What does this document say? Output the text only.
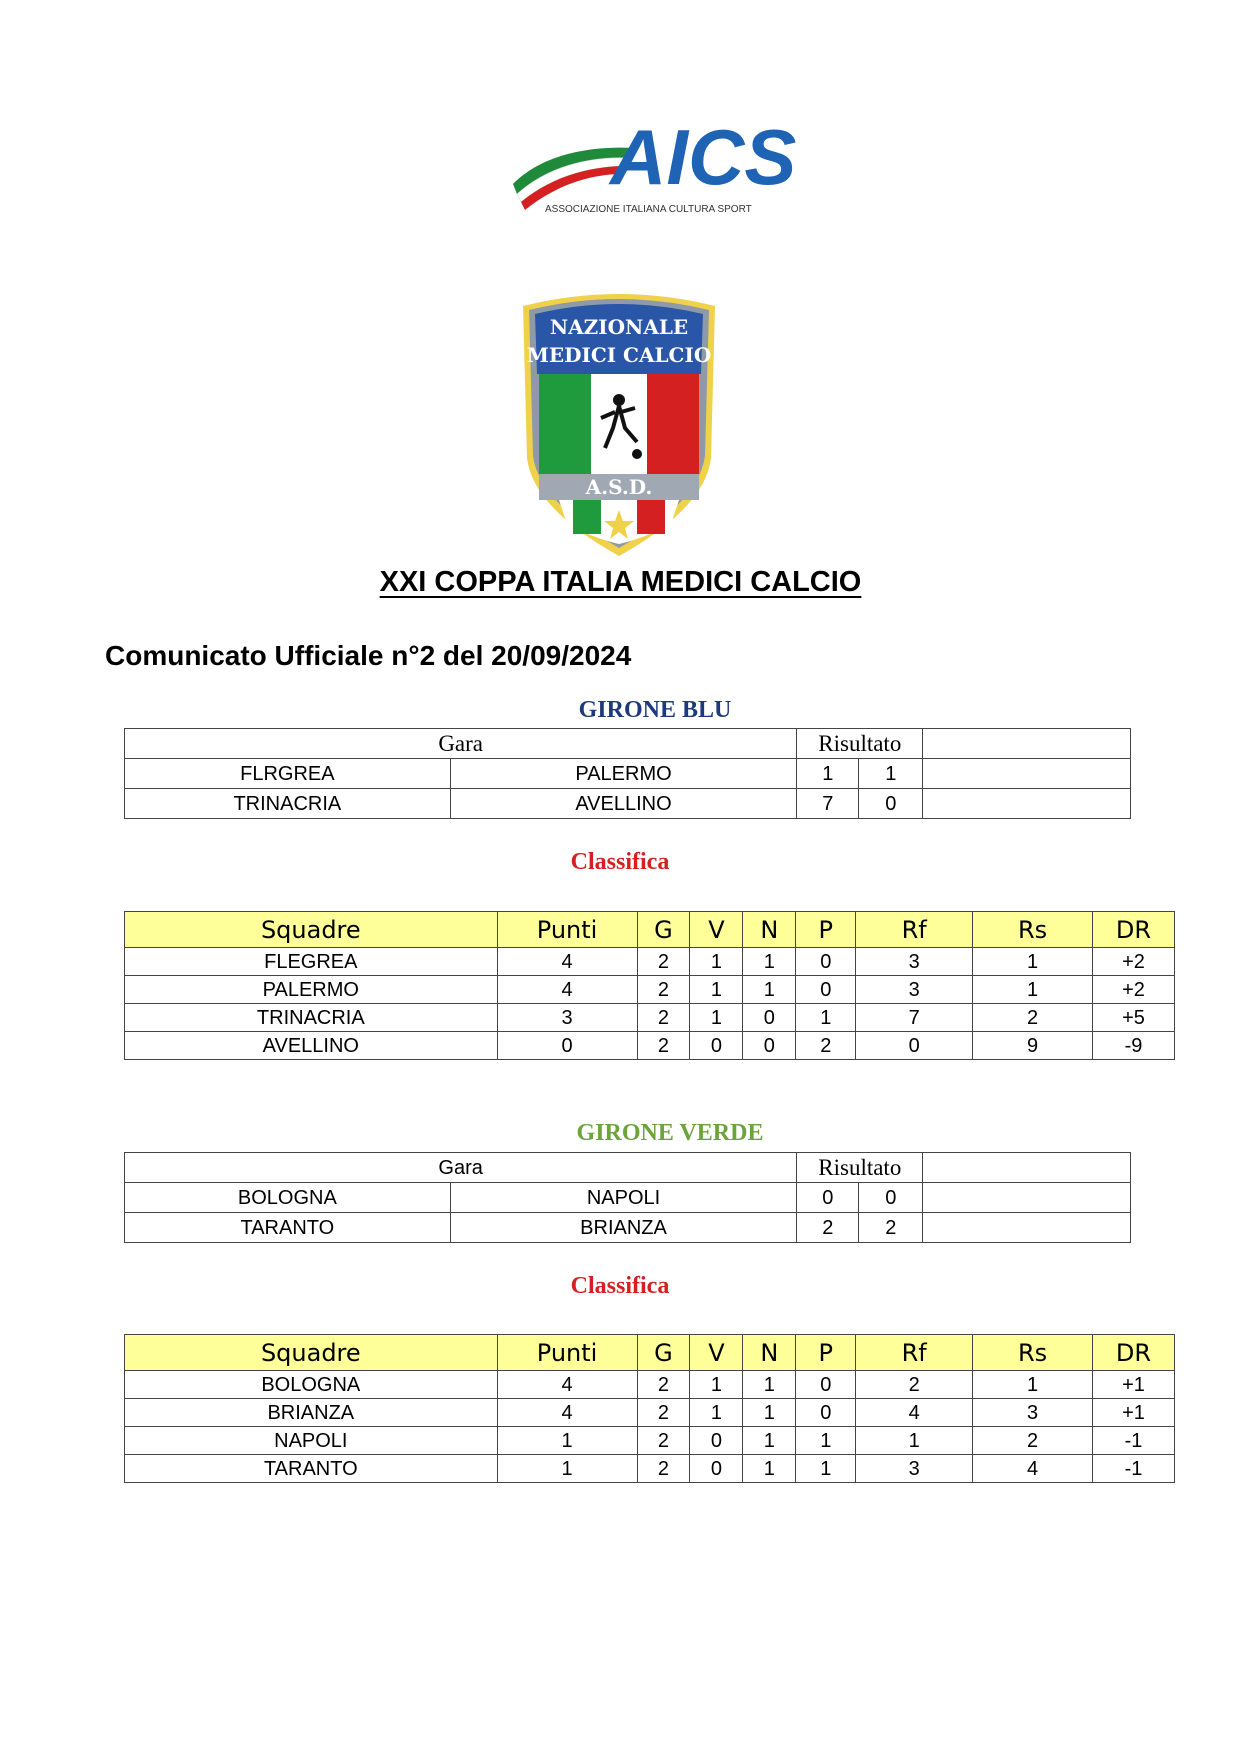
AICS
ASSOCIAZIONE ITALIANA CULTURA SPORT
NAZIONALE
MEDICI CALCIO
A.S.D.
XXI COPPA ITALIA MEDICI CALCIO
Comunicato Ufficiale n°2 del 20/09/2024
GIRONE BLU
Gara		Risultato		
FLRGREA	PALERMO	1	1	
TRINACRIA	AVELLINO	7	0	
Classifica
Squadre	Punti	G	V	N	P	Rf	Rs	DR
FLEGREA	4	2	1	1	0	3	1	+2
PALERMO	4	2	1	1	0	3	1	+2
TRINACRIA	3	2	1	0	1	7	2	+5
AVELLINO	0	2	0	0	2	0	9	-9
GIRONE VERDE
Gara		Risultato		
BOLOGNA	NAPOLI	0	0	
TARANTO	BRIANZA	2	2	
Classifica
Squadre	Punti	G	V	N	P	Rf	Rs	DR
BOLOGNA	4	2	1	1	0	2	1	+1
BRIANZA	4	2	1	1	0	4	3	+1
NAPOLI	1	2	0	1	1	1	2	-1
TARANTO	1	2	0	1	1	3	4	-1
